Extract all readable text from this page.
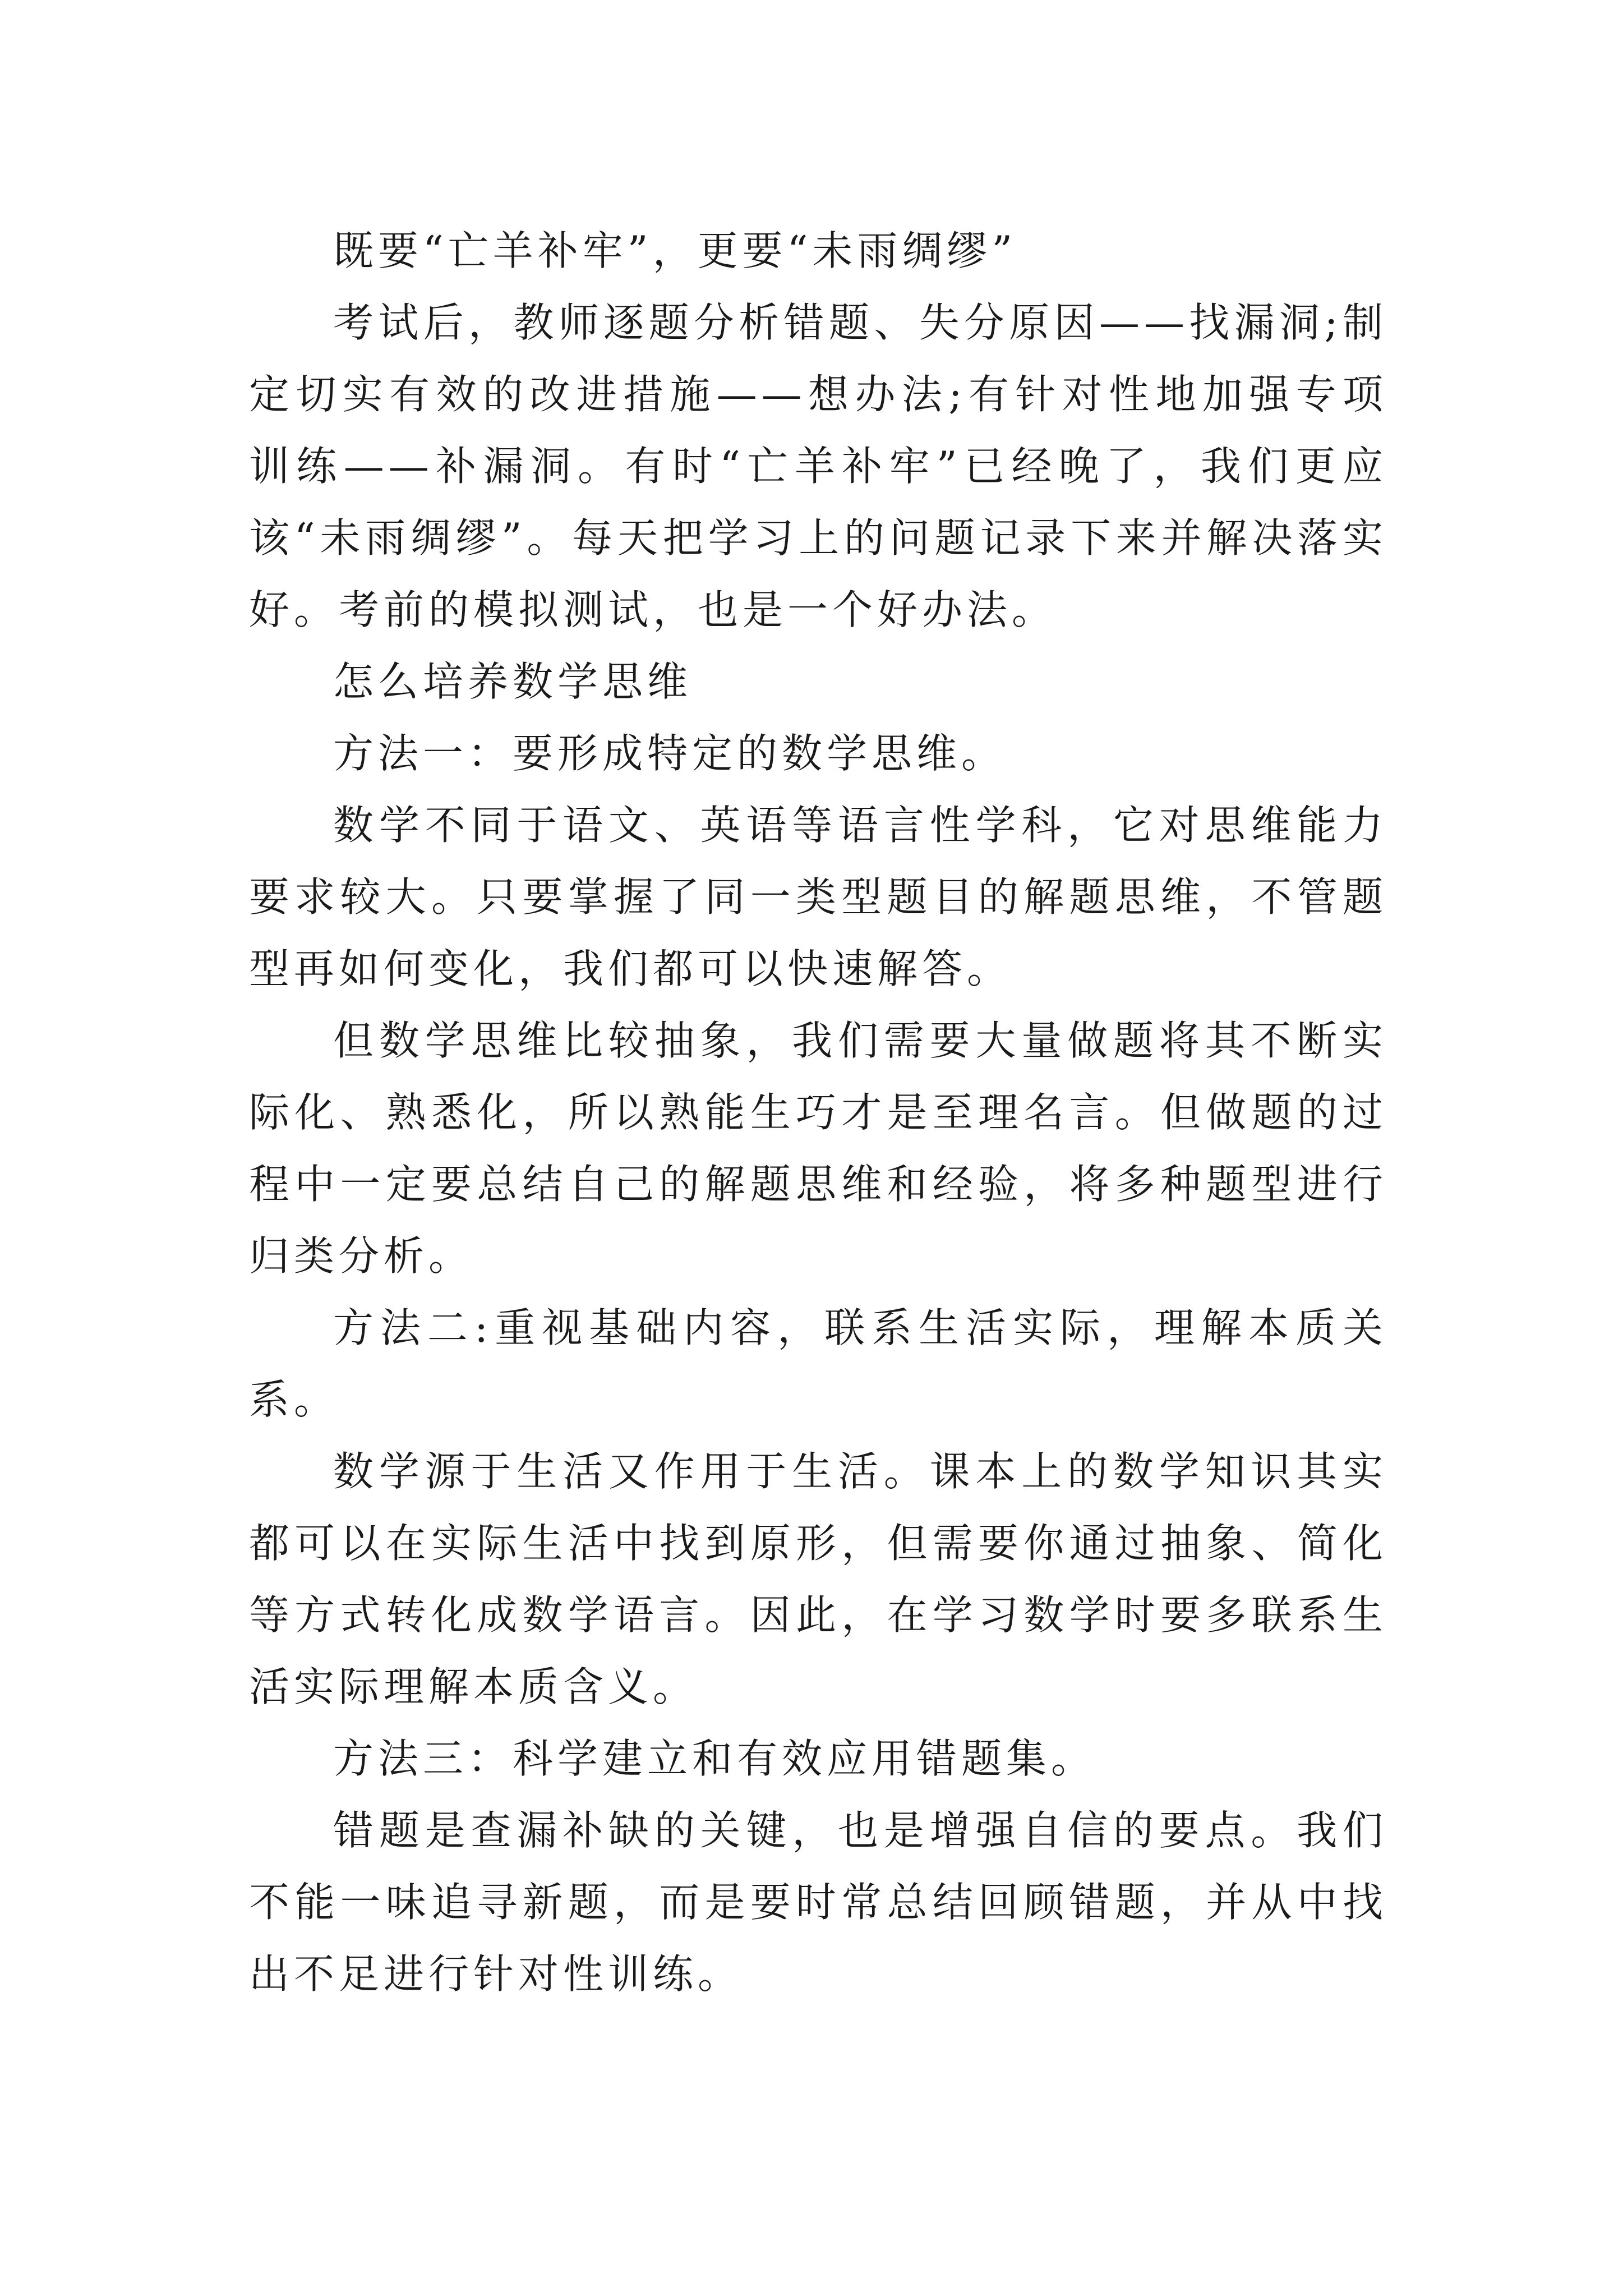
既要“亡羊补牢”，更要“未雨绸缪”

考试后，教师逐题分析错题、失分原因——找漏洞;制定切实有效的改进措施——想办法;有针对性地加强专项训练——补漏洞。有时“亡羊补牢”已经晚了，我们更应该“未雨绸缪”。每天把学习上的问题记录下来并解决落实好。考前的模拟测试，也是一个好办法。

怎么培养数学思维

方法一：要形成特定的数学思维。

数学不同于语文、英语等语言性学科，它对思维能力要求较大。只要掌握了同一类型题目的解题思维，不管题型再如何变化，我们都可以快速解答。

但数学思维比较抽象，我们需要大量做题将其不断实际化、熟悉化，所以熟能生巧才是至理名言。但做题的过程中一定要总结自己的解题思维和经验，将多种题型进行归类分析。

方法二:重视基础内容，联系生活实际，理解本质关系。

数学源于生活又作用于生活。课本上的数学知识其实都可以在实际生活中找到原形，但需要你通过抽象、简化等方式转化成数学语言。因此，在学习数学时要多联系生活实际理解本质含义。

方法三：科学建立和有效应用错题集。

错题是查漏补缺的关键，也是增强自信的要点。我们不能一味追寻新题，而是要时常总结回顾错题，并从中找出不足进行针对性训练。
